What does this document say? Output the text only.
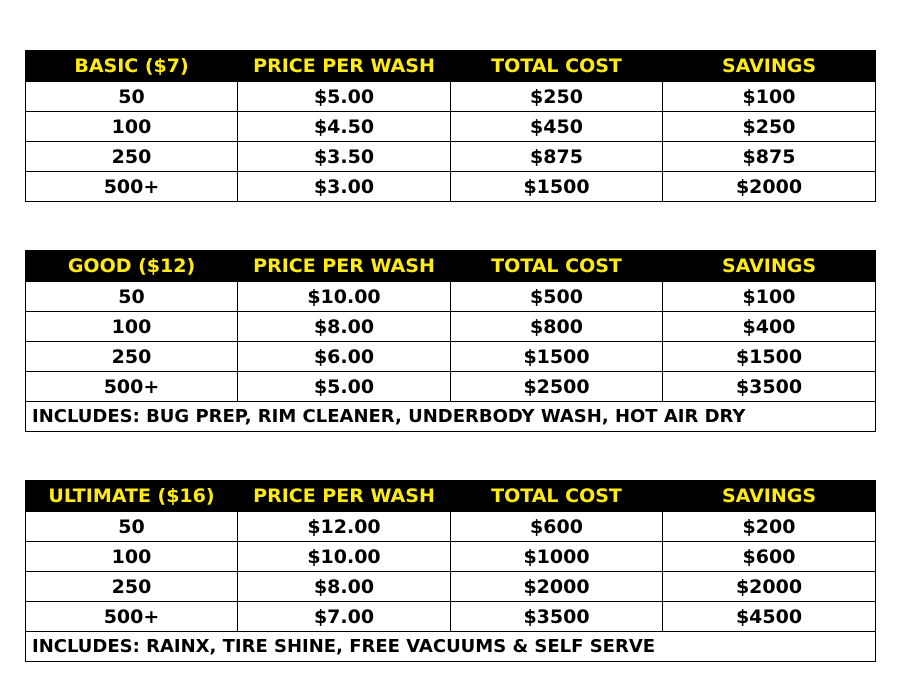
BASIC ($7)	PRICE PER WASH	TOTAL COST	SAVINGS
50	$5.00	$250	$100
100	$4.50	$450	$250
250	$3.50	$875	$875
500+	$3.00	$1500	$2000
GOOD ($12)	PRICE PER WASH	TOTAL COST	SAVINGS
50	$10.00	$500	$100
100	$8.00	$800	$400
250	$6.00	$1500	$1500
500+	$5.00	$2500	$3500
INCLUDES: BUG PREP, RIM CLEANER, UNDERBODY WASH, HOT AIR DRY			
ULTIMATE ($16)	PRICE PER WASH	TOTAL COST	SAVINGS
50	$12.00	$600	$200
100	$10.00	$1000	$600
250	$8.00	$2000	$2000
500+	$7.00	$3500	$4500
INCLUDES: RAINX, TIRE SHINE, FREE VACUUMS & SELF SERVE			
